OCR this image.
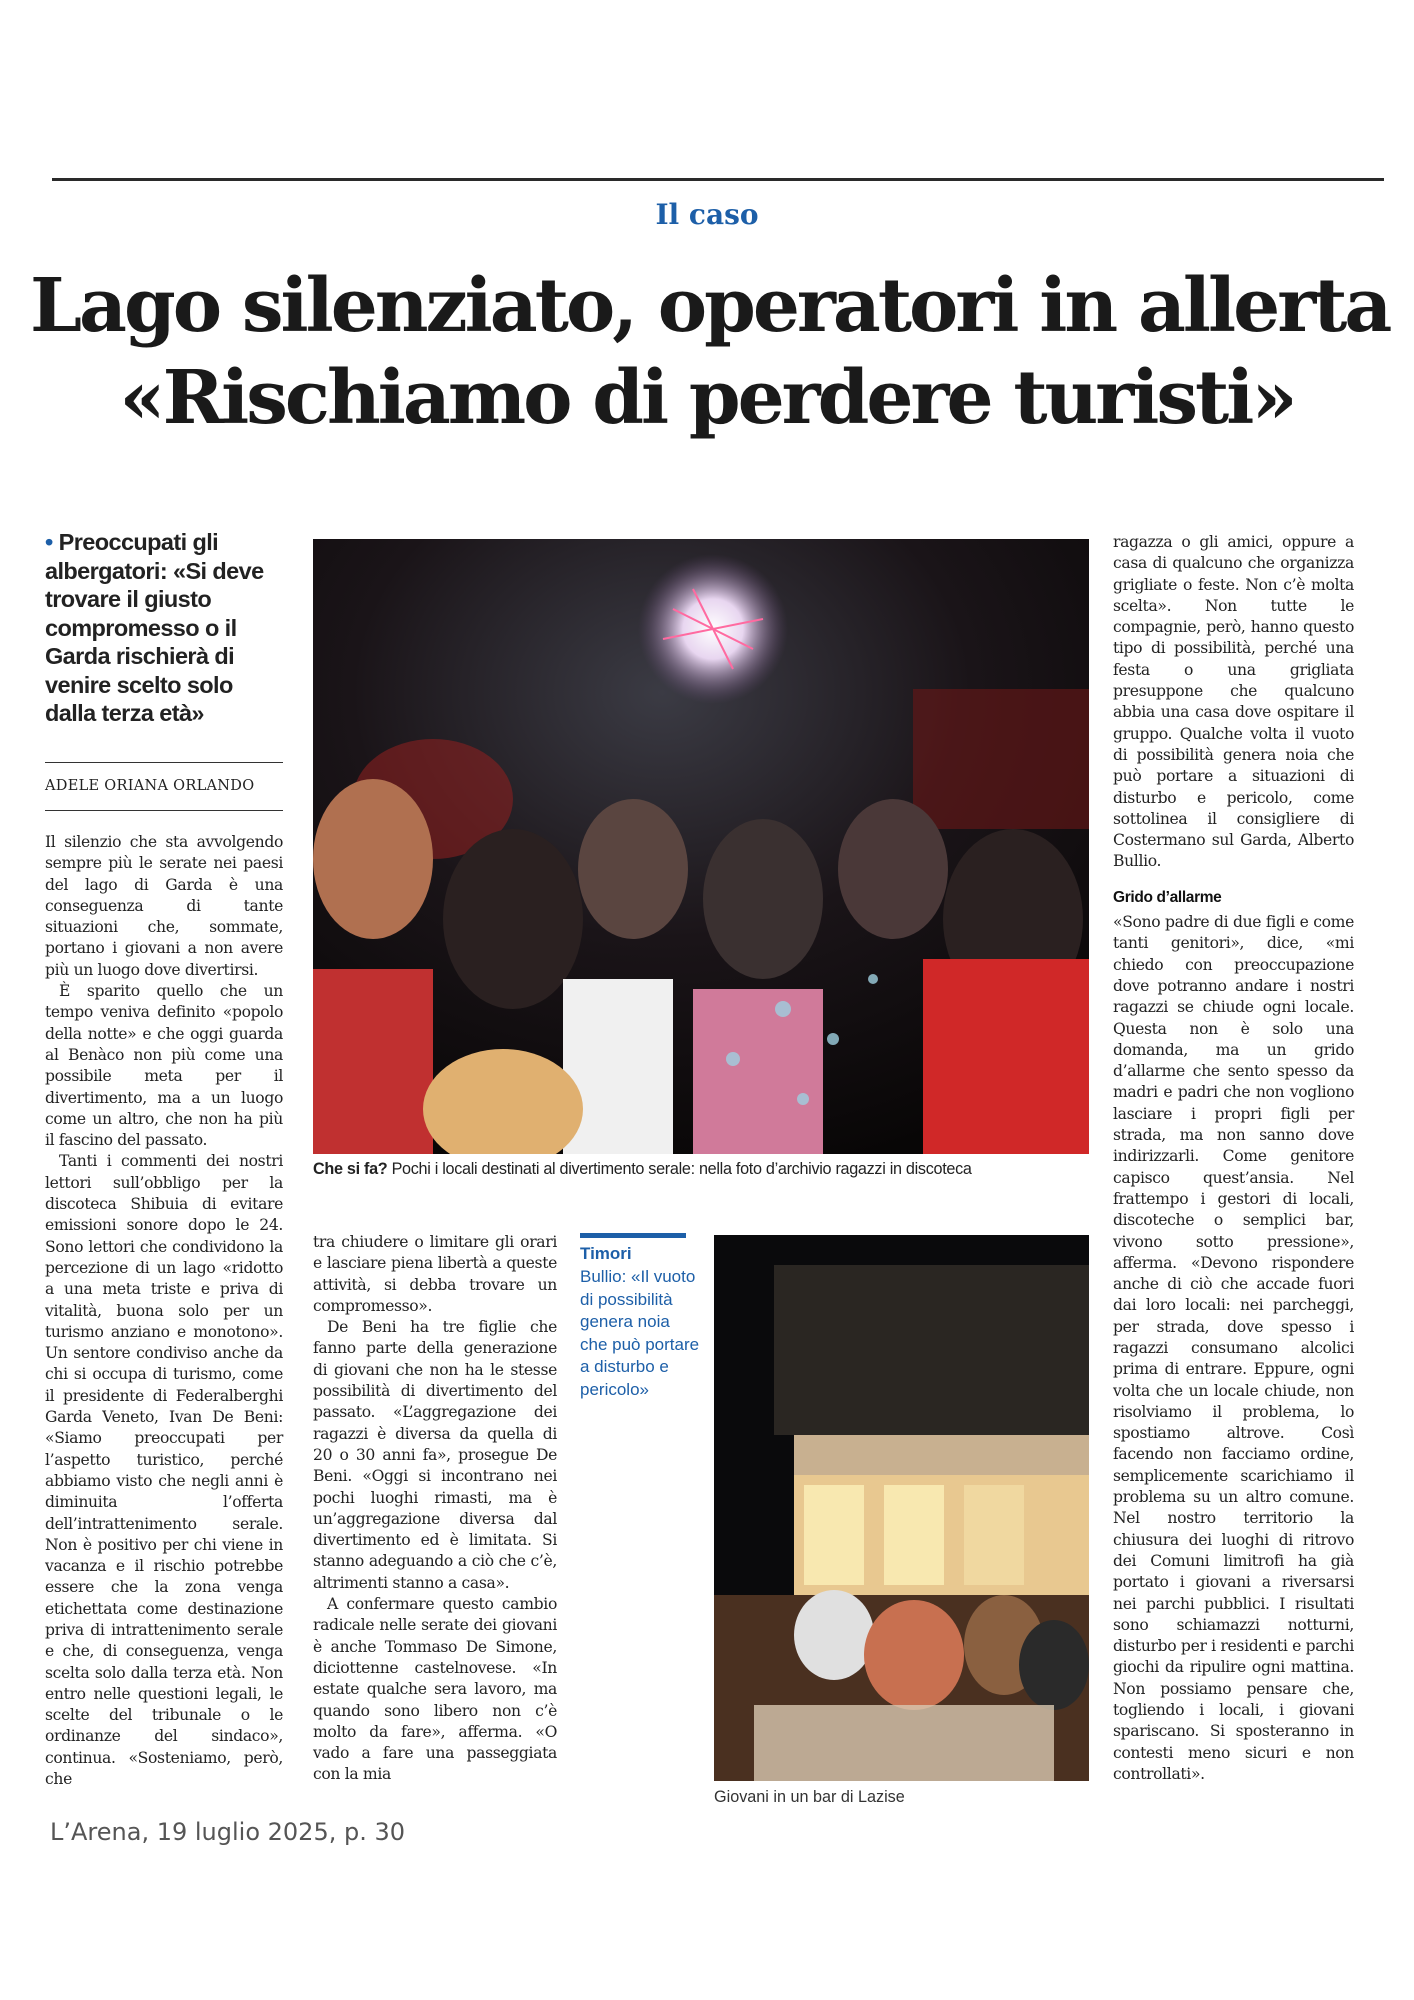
Il caso
Lago silenziato, operatori in allerta
«Rischiamo di perdere turisti»
• Preoccupati gli albergatori: «Si deve trovare il giusto compromesso o il Garda rischierà di venire scelto solo dalla terza età»
ADELE ORIANA ORLANDO

Il silenzio che sta avvolgendo sempre più le serate nei paesi del lago di Garda è una conseguenza di tante situazioni che, sommate, portano i giovani a non avere più un luogo dove divertirsi.

È sparito quello che un tempo veniva definito «popolo della notte» e che oggi guarda al Benàco non più come una possibile meta per il divertimento, ma a un luogo come un altro, che non ha più il fascino del passato.

Tanti i commenti dei nostri lettori sull’obbligo per la discoteca Shibuia di evitare emissioni sonore dopo le 24. Sono lettori che condividono la percezione di un lago «ridotto a una meta triste e priva di vitalità, buona solo per un turismo anziano e monotono». Un sentore condiviso anche da chi si occupa di turismo, come il presidente di Federalberghi Garda Veneto, Ivan De Beni: «Siamo preoccupati per l’aspetto turistico, perché abbiamo visto che negli anni è diminuita l’offerta dell’intrattenimento serale. Non è positivo per chi viene in vacanza e il rischio potrebbe essere che la zona venga etichettata come destinazione priva di intrattenimento serale e che, di conseguenza, venga scelta solo dalla terza età. Non entro nelle questioni legali, le scelte del tribunale o le ordinanze del sindaco», continua. «Sosteniamo, però, che

Che si fa? Pochi i locali destinati al divertimento serale: nella foto d’archivio ragazzi in discoteca

tra chiudere o limitare gli orari e lasciare piena libertà a queste attività, si debba trovare un compromesso».

De Beni ha tre figlie che fanno parte della generazione di giovani che non ha le stesse possibilità di divertimento del passato. «L’aggregazione dei ragazzi è diversa da quella di 20 o 30 anni fa», prosegue De Beni. «Oggi si incontrano nei pochi luoghi rimasti, ma è un’aggregazione diversa dal divertimento ed è limitata. Si stanno adeguando a ciò che c’è, altrimenti stanno a casa».

A confermare questo cambio radicale nelle serate dei giovani è anche Tommaso De Simone, diciottenne castelnovese. «In estate qualche sera lavoro, ma quando sono libero non c’è molto da fare», afferma. «O vado a fare una passeggiata con la mia

Timori
Bullio: «Il vuoto di possibilità genera noia che può portare a disturbo e pericolo»
Giovani in un bar di Lazise

ragazza o gli amici, oppure a casa di qualcuno che organizza grigliate o feste. Non c’è molta scelta». Non tutte le compagnie, però, hanno questo tipo di possibilità, perché una festa o una grigliata presuppone che qualcuno abbia una casa dove ospitare il gruppo. Qualche volta il vuoto di possibilità genera noia che può portare a situazioni di disturbo e pericolo, come sottolinea il consigliere di Costermano sul Garda, Alberto Bullio.

Grido d’allarme

«Sono padre di due figli e come tanti genitori», dice, «mi chiedo con preoccupazione dove potranno andare i nostri ragazzi se chiude ogni locale. Questa non è solo una domanda, ma un grido d’allarme che sento spesso da madri e padri che non vogliono lasciare i propri figli per strada, ma non sanno dove indirizzarli. Come genitore capisco quest’ansia. Nel frattempo i gestori di locali, discoteche o semplici bar, vivono sotto pressione», afferma. «Devono rispondere anche di ciò che accade fuori dai loro locali: nei parcheggi, per strada, dove spesso i ragazzi consumano alcolici prima di entrare. Eppure, ogni volta che un locale chiude, non risolviamo il problema, lo spostiamo altrove. Così facendo non facciamo ordine, semplicemente scarichiamo il problema su un altro comune. Nel nostro territorio la chiusura dei luoghi di ritrovo dei Comuni limitrofi ha già portato i giovani a riversarsi nei parchi pubblici. I risultati sono schiamazzi notturni, disturbo per i residenti e parchi giochi da ripulire ogni mattina. Non possiamo pensare che, togliendo i locali, i giovani spariscano. Si sposteranno in contesti meno sicuri e non controllati».

L’Arena, 19 luglio 2025, p. 30
